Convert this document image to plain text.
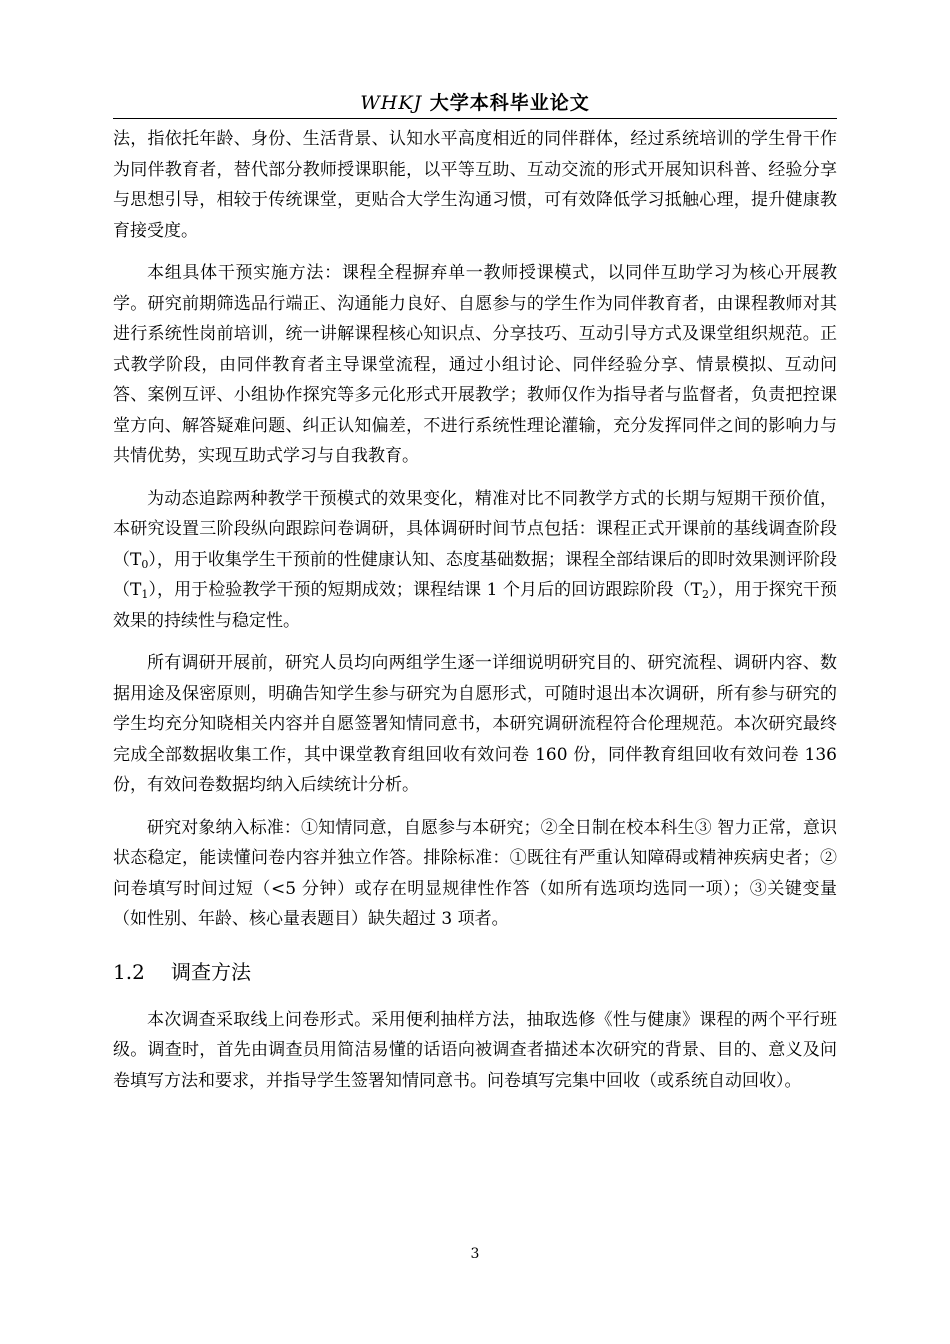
WHKJ 大学本科毕业论文

法，指依托年龄、身份、生活背景、认知水平高度相近的同伴群体，经过系统培训的学生骨干作为同伴教育者，替代部分教师授课职能，以平等互助、互动交流的形式开展知识科普、经验分享与思想引导，相较于传统课堂，更贴合大学生沟通习惯，可有效降低学习抵触心理，提升健康教育接受度。

本组具体干预实施方法：课程全程摒弃单一教师授课模式，以同伴互助学习为核心开展教学。研究前期筛选品行端正、沟通能力良好、自愿参与的学生作为同伴教育者，由课程教师对其进行系统性岗前培训，统一讲解课程核心知识点、分享技巧、互动引导方式及课堂组织规范。正式教学阶段，由同伴教育者主导课堂流程，通过小组讨论、同伴经验分享、情景模拟、互动问答、案例互评、小组协作探究等多元化形式开展教学；教师仅作为指导者与监督者，负责把控课堂方向、解答疑难问题、纠正认知偏差，不进行系统性理论灌输，充分发挥同伴之间的影响力与共情优势，实现互助式学习与自我教育。

为动态追踪两种教学干预模式的效果变化，精准对比不同教学方式的长期与短期干预价值，本研究设置三阶段纵向跟踪问卷调研，具体调研时间节点包括：课程正式开课前的基线调查阶段$(T_0)$，用于收集学生干预前的性健康认知、态度基础数据；课程全部结课后的即时效果测评阶段$(T_1)$，用于检验教学干预的短期成效；课程结课 1 个月后的回访跟踪阶段$(T_2)$，用于探究干预效果的持续性与稳定性。

所有调研开展前，研究人员均向两组学生逐一详细说明研究目的、研究流程、调研内容、数据用途及保密原则，明确告知学生参与研究为自愿形式，可随时退出本次调研，所有参与研究的学生均充分知晓相关内容并自愿签署知情同意书，本研究调研流程符合伦理规范。本次研究最终完成全部数据收集工作，其中课堂教育组回收有效问卷 160 份，同伴教育组回收有效问卷 136 份，有效问卷数据均纳入后续统计分析。

研究对象纳入标准：①知情同意，自愿参与本研究；②全日制在校本科生③ 智力正常，意识状态稳定，能读懂问卷内容并独立作答。排除标准：①既往有严重认知障碍或精神疾病史者；②问卷填写时间过短（<5 分钟）或存在明显规律性作答（如所有选项均选同一项）；③关键变量（如性别、年龄、核心量表题目）缺失超过 3 项者。

1.2 调查方法

本次调查采取线上问卷形式。采用便利抽样方法，抽取选修《性与健康》课程的两个平行班级。调查时，首先由调查员用简洁易懂的话语向被调查者描述本次研究的背景、目的、意义及问卷填写方法和要求，并指导学生签署知情同意书。问卷填写完集中回收（或系统自动回收）。

3
